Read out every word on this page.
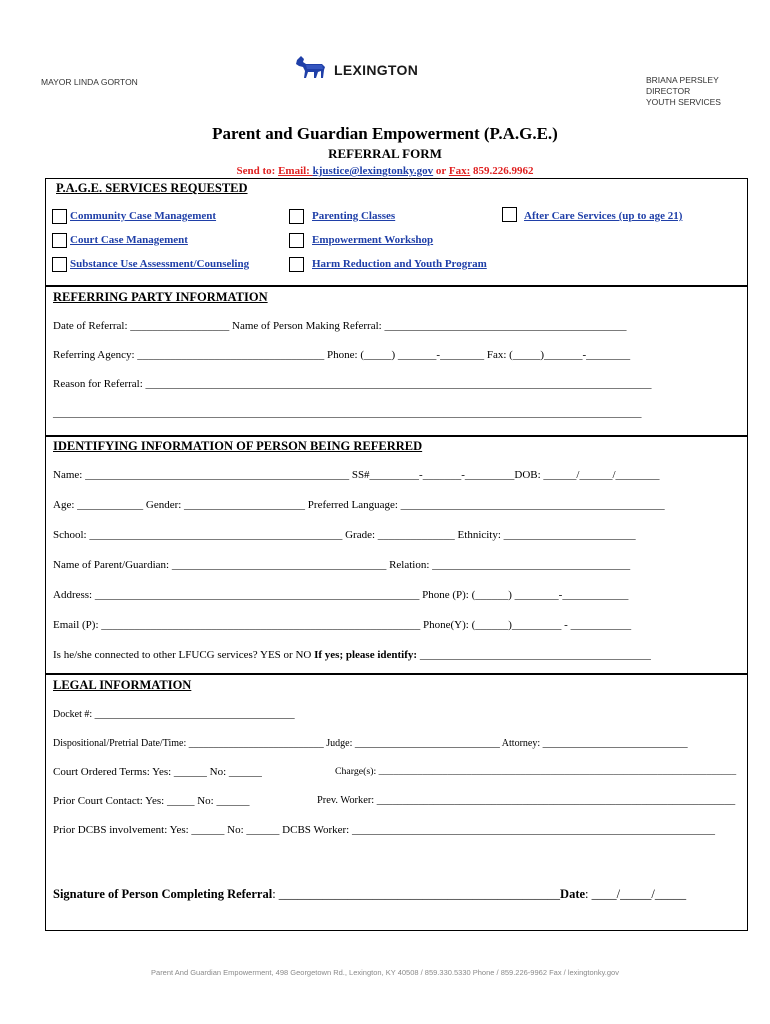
MAYOR LINDA GORTON
LEXINGTON
BRIANA PERSLEY
DIRECTOR
YOUTH SERVICES
Parent and Guardian Empowerment (P.A.G.E.)
REFERRAL FORM
Send to: Email: kjustice@lexingtonky.gov or Fax: 859.226.9962
P.A.G.E. SERVICES REQUESTED
Community Case Management	Parenting Classes	After Care Services (up to age 21)
Court Case Management	Empowerment Workshop
Substance Use Assessment/Counseling	Harm Reduction and Youth Program
REFERRING PARTY INFORMATION
Date of Referral: __________________ Name of Person Making Referral: ____________________________________________
Referring Agency: __________________________________ Phone: (_____) _______-________ Fax: (_____)_______-________
Reason for Referral: ____________________________________________________________________________________________
___________________________________________________________________________________________________________
IDENTIFYING INFORMATION OF PERSON BEING REFERRED
Name: ________________________________________________ SS#_________-_______-_________DOB: ______/______/________
Age: ____________ Gender: ______________________ Preferred Language: ________________________________________________
School: ______________________________________________ Grade: ______________ Ethnicity: ________________________
Name of Parent/Guardian: _______________________________________ Relation: ____________________________________
Address: ___________________________________________________________ Phone (P): (______) ________-____________
Email (P): __________________________________________________________ Phone(Y): (______)_________ - ___________
Is he/she connected to other LFUCG services? YES or NO If yes; please identify: __________________________________________
LEGAL INFORMATION
Docket #: ________________________________________
Dispositional/Pretrial Date/Time: ___________________________ Judge: _____________________________ Attorney: _____________________________
Court Ordered Terms: Yes: ______ No: ______	Charge(s): _________________________________________________________________________
Prior Court Contact: Yes: _____ No: ______	Prev. Worker: _____________________________________________________________________
Prior DCBS involvement: Yes: ______ No: ______ DCBS Worker: __________________________________________________________________
Signature of Person Completing Referral: _____________________________________________Date: ____/_____/_____
Parent And Guardian Empowerment, 498 Georgetown Rd., Lexington, KY 40508 / 859.330.5330 Phone / 859.226-9962 Fax / lexingtonky.gov
